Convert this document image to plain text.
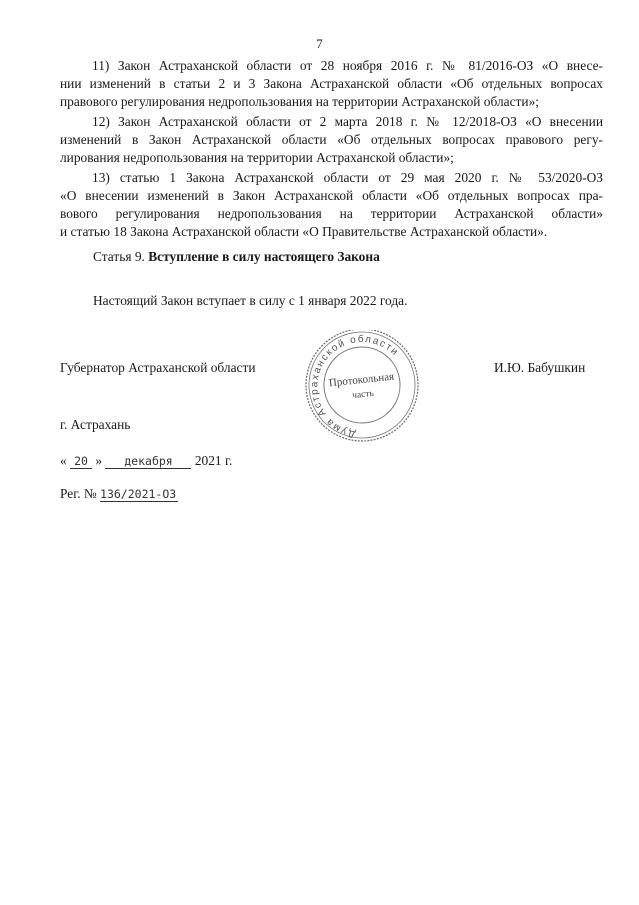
7
11) Закон Астраханской области от 28 ноября 2016 г. № 81/2016-ОЗ «О внесе-
нии изменений в статьи 2 и 3 Закона Астраханской области «Об отдельных вопросах
правового регулирования недропользования на территории Астраханской области»;
12) Закон Астраханской области от 2 марта 2018 г. № 12/2018-ОЗ «О внесении
изменений в Закон Астраханской области «Об отдельных вопросах правового регу-
лирования недропользования на территории Астраханской области»;
13) статью 1 Закона Астраханской области от 29 мая 2020 г. № 53/2020-ОЗ
«О внесении изменений в Закон Астраханской области «Об отдельных вопросах пра-
вового регулирования недропользования на территории Астраханской области»
и статью 18 Закона Астраханской области «О Правительстве Астраханской области».
Статья 9. Вступление в силу настоящего Закона
Настоящий Закон вступает в силу с 1 января 2022 года.
Губернатор Астраханской области	И.Ю. Бабушкин
Дума Астраханской области
Протокольная
часть
г. Астрахань
« 20 » декабря 2021 г.
Рег. № 136/2021-ОЗ
